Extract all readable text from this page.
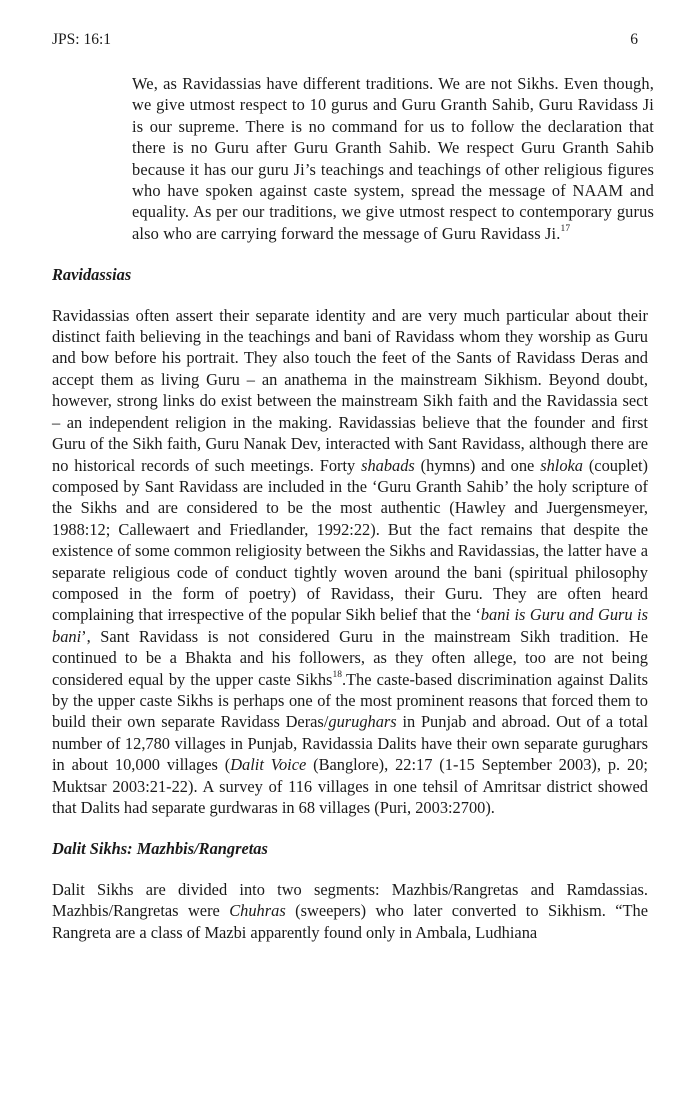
JPS: 16:1	6

We, as Ravidassias have different traditions. We are not Sikhs. Even though, we give utmost respect to 10 gurus and Guru Granth Sahib, Guru Ravidass Ji is our supreme. There is no command for us to follow the declaration that there is no Guru after Guru Granth Sahib. We respect Guru Granth Sahib because it has our guru Ji’s teachings and teachings of other religious figures who have spoken against caste system, spread the message of NAAM and equality. As per our traditions, we give utmost respect to contemporary gurus also who are carrying forward the message of Guru Ravidass Ji.$^{17}$

Ravidassias

Ravidassias often assert their separate identity and are very much particular about their distinct faith believing in the teachings and bani of Ravidass whom they worship as Guru and bow before his portrait. They also touch the feet of the Sants of Ravidass Deras and accept them as living Guru – an anathema in the mainstream Sikhism. Beyond doubt, however, strong links do exist between the mainstream Sikh faith and the Ravidassia sect – an independent religion in the making. Ravidassias believe that the founder and first Guru of the Sikh faith, Guru Nanak Dev, interacted with Sant Ravidass, although there are no historical records of such meetings. Forty shabads (hymns) and one shloka (couplet) composed by Sant Ravidass are included in the ‘Guru Granth Sahib’ the holy scripture of the Sikhs and are considered to be the most authentic (Hawley and Juergensmeyer, 1988:12; Callewaert and Friedlander, 1992:22). But the fact remains that despite the existence of some common religiosity between the Sikhs and Ravidassias, the latter have a separate religious code of conduct tightly woven around the bani (spiritual philosophy composed in the form of poetry) of Ravidass, their Guru. They are often heard complaining that irrespective of the popular Sikh belief that the ‘bani is Guru and Guru is bani’, Sant Ravidass is not considered Guru in the mainstream Sikh tradition. He continued to be a Bhakta and his followers, as they often allege, too are not being considered equal by the upper caste Sikhs$^{18}$.The caste-based discrimination against Dalits by the upper caste Sikhs is perhaps one of the most prominent reasons that forced them to build their own separate Ravidass Deras/gurughars in Punjab and abroad. Out of a total number of 12,780 villages in Punjab, Ravidassia Dalits have their own separate gurughars in about 10,000 villages (Dalit Voice (Banglore), 22:17 (1-15 September 2003), p. 20; Muktsar 2003:21-22). A survey of 116 villages in one tehsil of Amritsar district showed that Dalits had separate gurdwaras in 68 villages (Puri, 2003:2700).

Dalit Sikhs: Mazhbis/Rangretas

Dalit Sikhs are divided into two segments: Mazhbis/Rangretas and Ramdassias. Mazhbis/Rangretas were Chuhras (sweepers) who later converted to Sikhism. “The Rangreta are a class of Mazbi apparently found only in Ambala, Ludhiana
